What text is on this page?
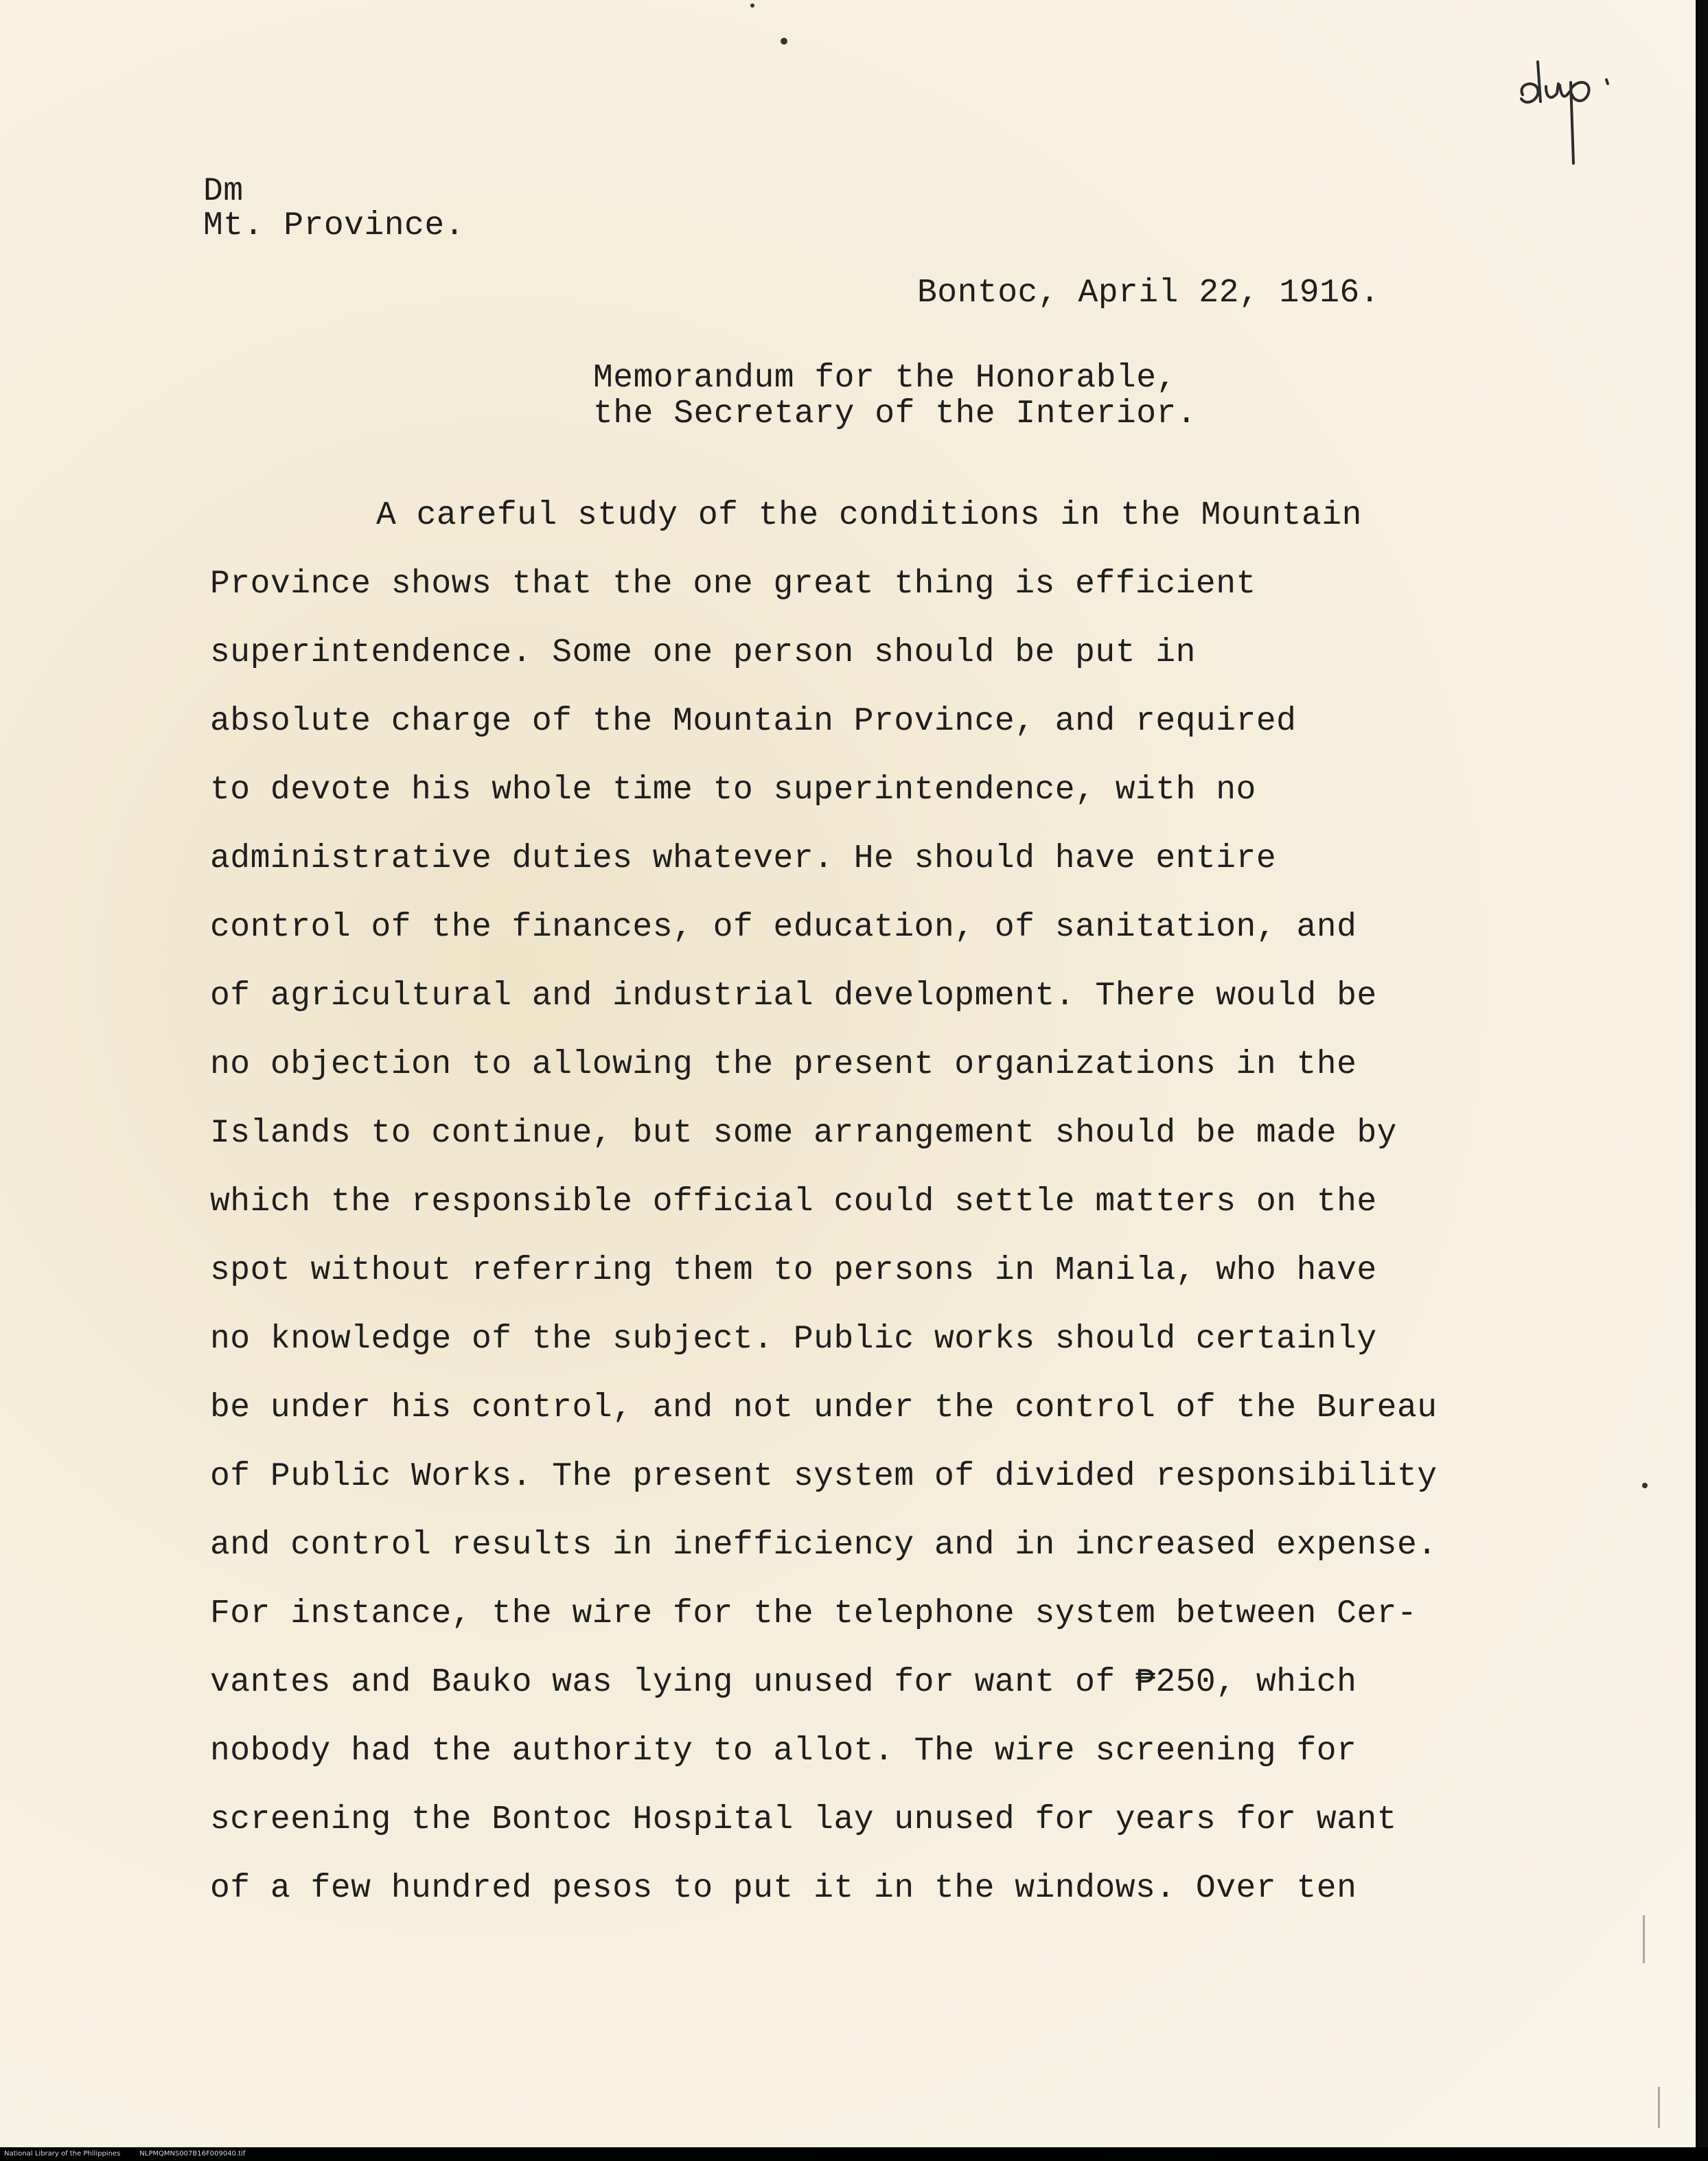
Dm
Mt. Province.
Bontoc, April 22, 1916.
Memorandum for the Honorable,
the Secretary of the Interior.
A careful study of the conditions in the Mountain
Province shows that the one great thing is efficient
superintendence. Some one person should be put in
absolute charge of the Mountain Province, and required
to devote his whole time to superintendence, with no
administrative duties whatever. He should have entire
control of the finances, of education, of sanitation, and
of agricultural and industrial development. There would be
no objection to allowing the present organizations in the
Islands to continue, but some arrangement should be made by
which the responsible official could settle matters on the
spot without referring them to persons in Manila, who have
no knowledge of the subject. Public works should certainly
be under his control, and not under the control of the Bureau
of Public Works. The present system of divided responsibility
and control results in inefficiency and in increased expense.
For instance, the wire for the telephone system between Cer-
vantes and Bauko was lying unused for want of ₱250, which
nobody had the authority to allot. The wire screening for
screening the Bontoc Hospital lay unused for years for want
of a few hundred pesos to put it in the windows. Over ten
National Library of the Philippines	NLPMQMNS007B16F009040.tif
